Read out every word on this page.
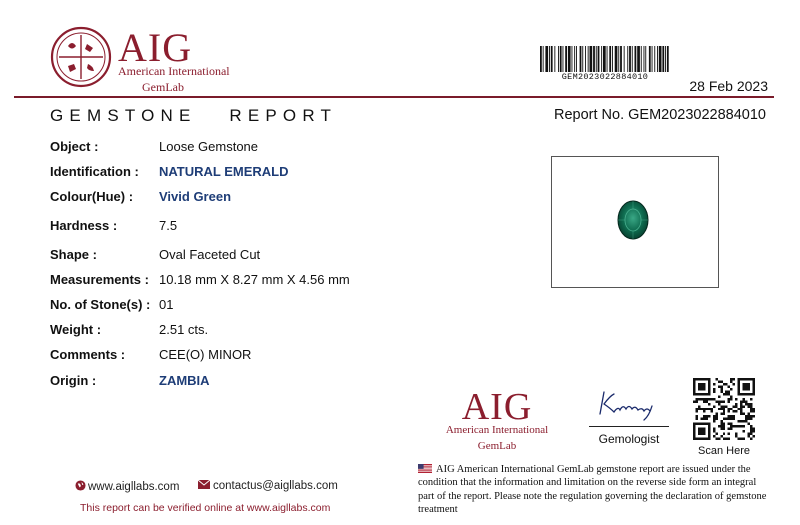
AIG
American International
GemLab
GEM2023022884010
28 Feb 2023
GEMSTONE   REPORT	Report No. GEM2023022884010
Object :	Loose Gemstone
Identification :	NATURAL EMERALD
Colour(Hue) :	Vivid Green
Hardness :	7.5
Shape :	Oval Faceted Cut
Measurements : 10.18 mm X 8.27 mm X 4.56 mm
No. of Stone(s) : 01
Weight :	2.51 cts.
Comments :	CEE(O) MINOR
Origin :	ZAMBIA
www.aigllabs.com	contactus@aigllabs.com
This report can be verified online at www.aigllabs.com
AIG
American International
GemLab	Gemologist
Scan Here
AIG American International GemLab gemstone report are issued under the condition that the information and limitation on the reverse side form an integral part of the report. Please note the regulation governing the declaration of gemstone treatment
